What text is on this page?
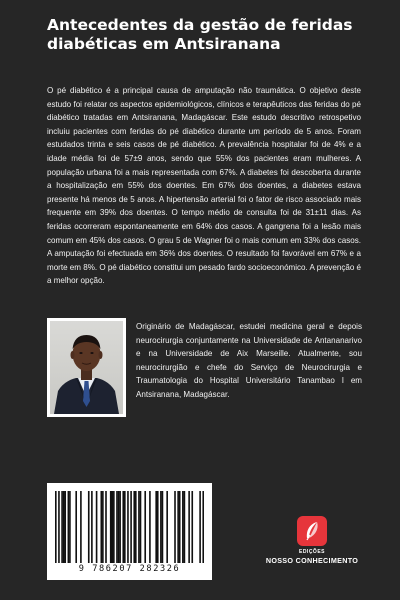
Antecedentes da gestão de feridas diabéticas em Antsiranana

O pé diabético é a principal causa de amputação não traumática. O objetivo deste estudo foi relatar os aspectos epidemiológicos, clínicos e terapêuticos das feridas do pé diabético tratadas em Antsiranana, Madagáscar. Este estudo descritivo retrospetivo incluiu pacientes com feridas do pé diabético durante um período de 5 anos. Foram estudados trinta e seis casos de pé diabético. A prevalência hospitalar foi de 4% e a idade média foi de 57±9 anos, sendo que 55% dos pacientes eram mulheres. A população urbana foi a mais representada com 67%. A diabetes foi descoberta durante a hospitalização em 55% dos doentes. Em 67% dos doentes, a diabetes estava presente há menos de 5 anos. A hipertensão arterial foi o fator de risco associado mais frequente em 39% dos doentes. O tempo médio de consulta foi de 31±11 dias. As feridas ocorreram espontaneamente em 64% dos casos. A gangrena foi a lesão mais comum em 45% dos casos. O grau 5 de Wagner foi o mais comum em 33% dos casos. A amputação foi efectuada em 36% dos doentes. O resultado foi favorável em 67% e a morte em 8%. O pé diabético constitui um pesado fardo socioeconómico. A prevenção é a melhor opção.

Originário de Madagáscar, estudei medicina geral e depois neurocirurgia conjuntamente na Universidade de Antananarivo e na Universidade de Aix Marseille. Atualmente, sou neurocirurgião e chefe do Serviço de Neurocirurgia e Traumatologia do Hospital Universitário Tanambao I em Antsiranana, Madagáscar.

9 786207 282326
EDIÇÕES
NOSSO CONHECIMENTO
